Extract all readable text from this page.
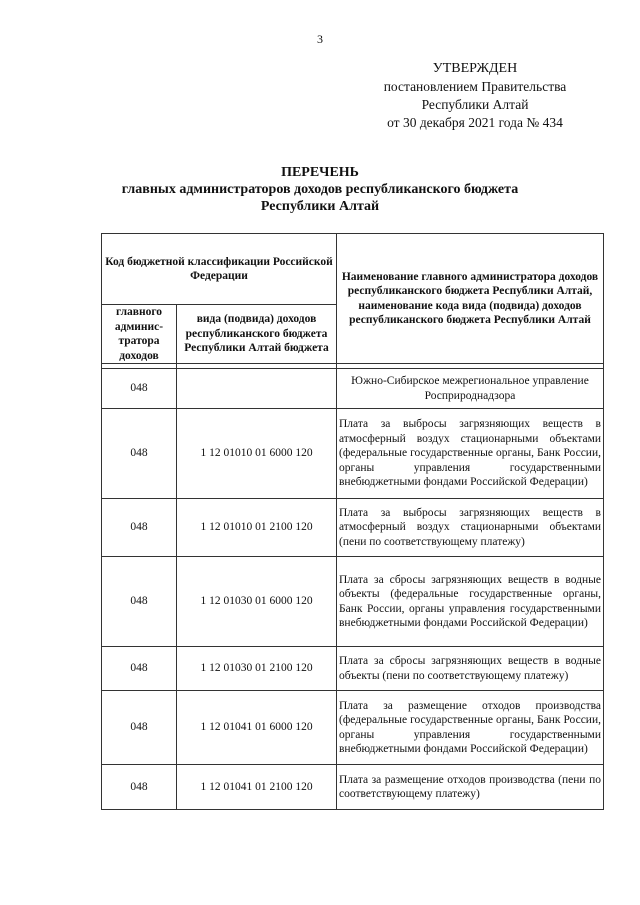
3
УТВЕРЖДЕН
постановлением Правительства
Республики Алтай
от 30 декабря 2021 года № 434
ПЕРЕЧЕНЬ
главных администраторов доходов республиканского бюджета
Республики Алтай
Код бюджетной классификации Российской Федерации		Наименование главного администратора доходов республиканского бюджета Республики Алтай, наименование кода вида (подвида) доходов республиканского бюджета Республики Алтай
главного админис-тратора доходов	вида (подвида) доходов республиканского бюджета Республики Алтай бюджета	

048		Южно-Сибирское межрегиональное управление Росприроднадзора
048	1 12 01010 01 6000 120	Плата за выбросы загрязняющих веществ в атмосферный воздух стационарными объектами (федеральные государственные органы, Банк России, органы управления государственными внебюджетными фондами Российской Федерации)
048	1 12 01010 01 2100 120	Плата за выбросы загрязняющих веществ в атмосферный воздух стационарными объектами (пени по соответствующему платежу)
048	1 12 01030 01 6000 120	Плата за сбросы загрязняющих веществ в водные объекты (федеральные государственные органы, Банк России, органы управления государственными внебюджетными фондами Российской Федерации)
048	1 12 01030 01 2100 120	Плата за сбросы загрязняющих веществ в водные объекты (пени по соответствующему платежу)
048	1 12 01041 01 6000 120	Плата за размещение отходов производства (федеральные государственные органы, Банк России, органы управления государственными внебюджетными фондами Российской Федерации)
048	1 12 01041 01 2100 120	Плата за размещение отходов производства (пени по соответствующему платежу)
